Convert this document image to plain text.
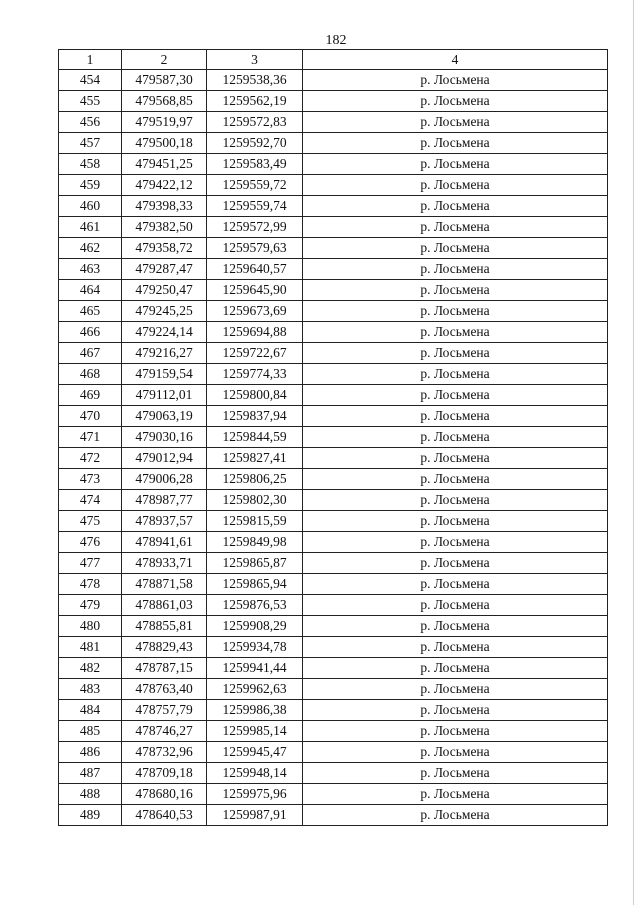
182
1	2	3	4
454	479587,30	1259538,36	р. Лосьмена
455	479568,85	1259562,19	р. Лосьмена
456	479519,97	1259572,83	р. Лосьмена
457	479500,18	1259592,70	р. Лосьмена
458	479451,25	1259583,49	р. Лосьмена
459	479422,12	1259559,72	р. Лосьмена
460	479398,33	1259559,74	р. Лосьмена
461	479382,50	1259572,99	р. Лосьмена
462	479358,72	1259579,63	р. Лосьмена
463	479287,47	1259640,57	р. Лосьмена
464	479250,47	1259645,90	р. Лосьмена
465	479245,25	1259673,69	р. Лосьмена
466	479224,14	1259694,88	р. Лосьмена
467	479216,27	1259722,67	р. Лосьмена
468	479159,54	1259774,33	р. Лосьмена
469	479112,01	1259800,84	р. Лосьмена
470	479063,19	1259837,94	р. Лосьмена
471	479030,16	1259844,59	р. Лосьмена
472	479012,94	1259827,41	р. Лосьмена
473	479006,28	1259806,25	р. Лосьмена
474	478987,77	1259802,30	р. Лосьмена
475	478937,57	1259815,59	р. Лосьмена
476	478941,61	1259849,98	р. Лосьмена
477	478933,71	1259865,87	р. Лосьмена
478	478871,58	1259865,94	р. Лосьмена
479	478861,03	1259876,53	р. Лосьмена
480	478855,81	1259908,29	р. Лосьмена
481	478829,43	1259934,78	р. Лосьмена
482	478787,15	1259941,44	р. Лосьмена
483	478763,40	1259962,63	р. Лосьмена
484	478757,79	1259986,38	р. Лосьмена
485	478746,27	1259985,14	р. Лосьмена
486	478732,96	1259945,47	р. Лосьмена
487	478709,18	1259948,14	р. Лосьмена
488	478680,16	1259975,96	р. Лосьмена
489	478640,53	1259987,91	р. Лосьмена
